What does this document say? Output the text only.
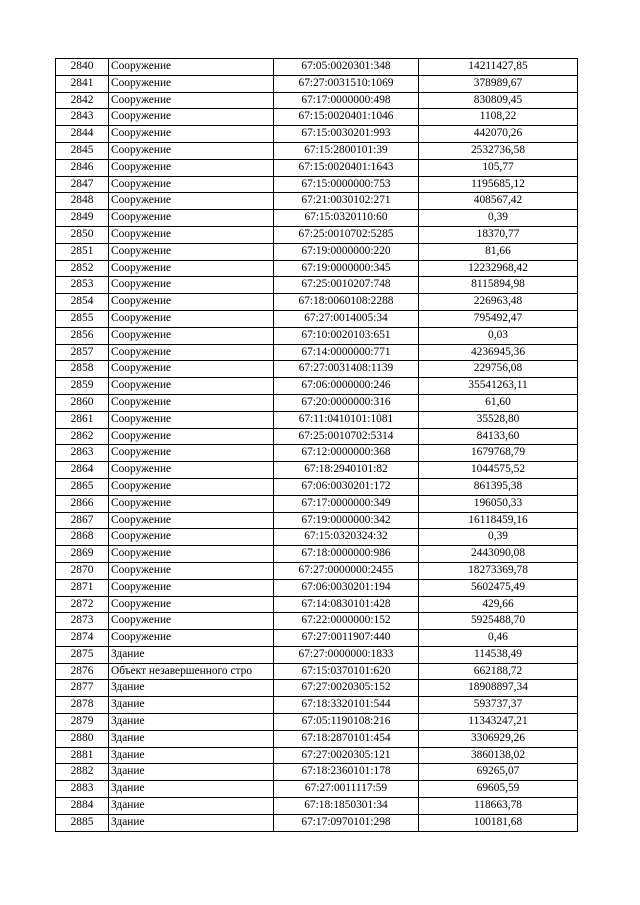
2840	Сооружение	67:05:0020301:348	14211427,85
2841	Сооружение	67:27:0031510:1069	378989,67
2842	Сооружение	67:17:0000000:498	830809,45
2843	Сооружение	67:15:0020401:1046	1108,22
2844	Сооружение	67:15:0030201:993	442070,26
2845	Сооружение	67:15:2800101:39	2532736,58
2846	Сооружение	67:15:0020401:1643	105,77
2847	Сооружение	67:15:0000000:753	1195685,12
2848	Сооружение	67:21:0030102:271	408567,42
2849	Сооружение	67:15:0320110:60	0,39
2850	Сооружение	67:25:0010702:5285	18370,77
2851	Сооружение	67:19:0000000:220	81,66
2852	Сооружение	67:19:0000000:345	12232968,42
2853	Сооружение	67:25:0010207:748	8115894,98
2854	Сооружение	67:18:0060108:2288	226963,48
2855	Сооружение	67:27:0014005:34	795492,47
2856	Сооружение	67:10:0020103:651	0,03
2857	Сооружение	67:14:0000000:771	4236945,36
2858	Сооружение	67:27:0031408:1139	229756,08
2859	Сооружение	67:06:0000000:246	35541263,11
2860	Сооружение	67:20:0000000:316	61,60
2861	Сооружение	67:11:0410101:1081	35528,80
2862	Сооружение	67:25:0010702:5314	84133,60
2863	Сооружение	67:12:0000000:368	1679768,79
2864	Сооружение	67:18:2940101:82	1044575,52
2865	Сооружение	67:06:0030201:172	861395,38
2866	Сооружение	67:17:0000000:349	196050,33
2867	Сооружение	67:19:0000000:342	16118459,16
2868	Сооружение	67:15:0320324:32	0,39
2869	Сооружение	67:18:0000000:986	2443090,08
2870	Сооружение	67:27:0000000:2455	18273369,78
2871	Сооружение	67:06:0030201:194	5602475,49
2872	Сооружение	67:14:0830101:428	429,66
2873	Сооружение	67:22:0000000:152	5925488,70
2874	Сооружение	67:27:0011907:440	0,46
2875	Здание	67:27:0000000:1833	114538,49
2876	Объект незавершенного стро	67:15:0370101:620	662188,72
2877	Здание	67:27:0020305:152	18908897,34
2878	Здание	67:18:3320101:544	593737,37
2879	Здание	67:05:1190108:216	11343247,21
2880	Здание	67:18:2870101:454	3306929,26
2881	Здание	67:27:0020305:121	3860138,02
2882	Здание	67:18:2360101:178	69265,07
2883	Здание	67:27:0011117:59	69605,59
2884	Здание	67:18:1850301:34	118663,78
2885	Здание	67:17:0970101:298	100181,68
